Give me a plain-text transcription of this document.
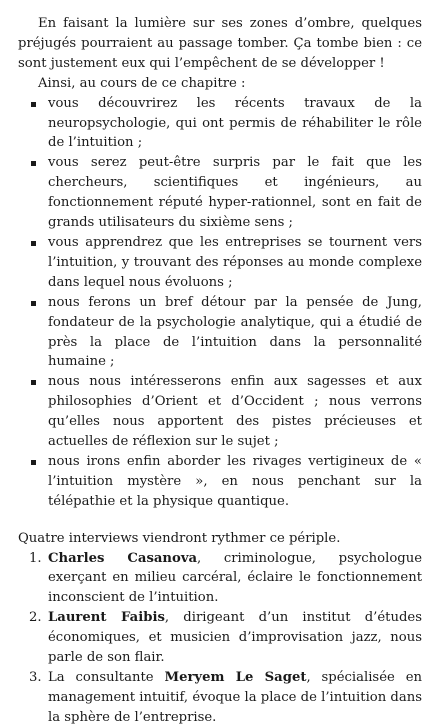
En faisant la lumière sur ses zones d’ombre, quelques préjugés pourraient au passage tomber. Ça tombe bien : ce sont justement eux qui l’empêchent de se développer !

Ainsi, au cours de ce chapitre :

vous découvrirez les récents travaux de la neuropsychologie, qui ont permis de réhabiliter le rôle de l’intuition ;
vous serez peut-être surpris par le fait que les chercheurs, scientifiques et ingénieurs, au fonctionnement réputé hyper-rationnel, sont en fait de grands utilisateurs du sixième sens ;
vous apprendrez que les entreprises se tournent vers l’intuition, y trouvant des réponses au monde complexe dans lequel nous évoluons ;
nous ferons un bref détour par la pensée de Jung, fondateur de la psychologie analytique, qui a étudié de près la place de l’intuition dans la personnalité humaine ;
nous nous intéresserons enfin aux sagesses et aux philosophies d’Orient et d’Occident ; nous verrons qu’elles nous apportent des pistes précieuses et actuelles de réflexion sur le sujet ;
nous irons enfin aborder les rivages vertigineux de « l’intuition mystère », en nous penchant sur la télépathie et la physique quantique.

Quatre interviews viendront rythmer ce périple.

1. Charles Casanova, criminologue, psychologue exerçant en milieu carcéral, éclaire le fonctionnement inconscient de l’intuition.
2. Laurent Faibis, dirigeant d’un institut d’études économiques, et musicien d’improvisation jazz, nous parle de son flair.
3. La consultante Meryem Le Saget, spécialisée en management intuitif, évoque la place de l’intuition dans la sphère de l’entreprise.
